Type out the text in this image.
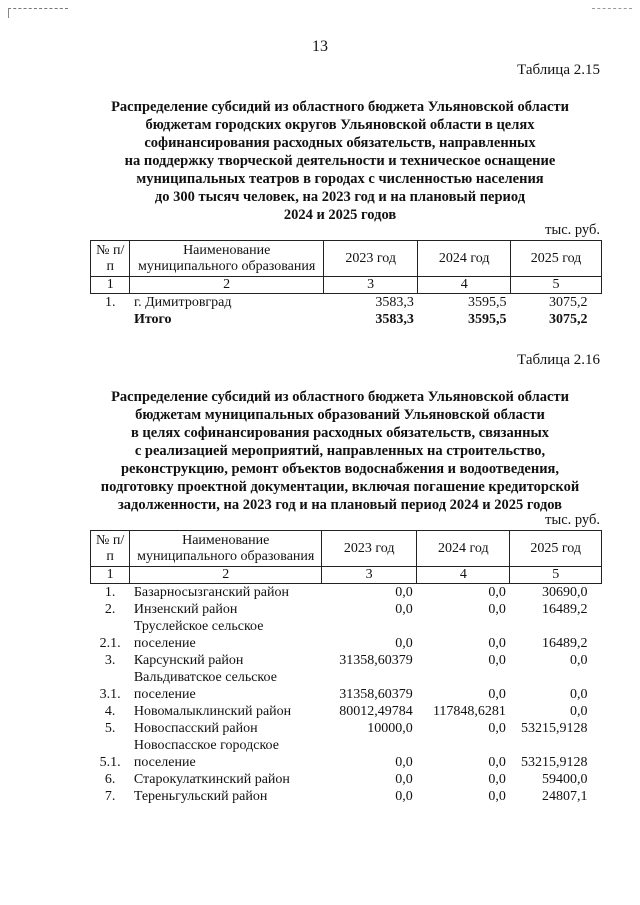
13
Таблица 2.15
Распределение субсидий из областного бюджета Ульяновской области
бюджетам городских округов Ульяновской области в целях
софинансирования расходных обязательств, направленных
на поддержку творческой деятельности и техническое оснащение
муниципальных театров в городах с численностью населения
до 300 тысяч человек, на 2023 год и на плановый период
2024 и 2025 годов
тыс. руб.
№ п/п	Наименование муниципального образования	2023 год	2024 год	2025 год
1	2	3	4	5
1.	г. Димитровград	3583,3	3595,5	3075,2
	Итого	3583,3	3595,5	3075,2
Таблица 2.16
Распределение субсидий из областного бюджета Ульяновской области
бюджетам муниципальных образований Ульяновской области
в целях софинансирования расходных обязательств, связанных
с реализацией мероприятий, направленных на строительство,
реконструкцию, ремонт объектов водоснабжения и водоотведения,
подготовку проектной документации, включая погашение кредиторской
задолженности, на 2023 год и на плановый период 2024 и 2025 годов
тыс. руб.
№ п/п	Наименование муниципального образования	2023 год	2024 год	2025 год
1	2	3	4	5
1.	Базарносызганский район	0,0	0,0	30690,0
2.	Инзенский район	0,0	0,0	16489,2
2.1.	Труслейское сельское
поселение	0,0	0,0	16489,2
3.	Карсунский район	31358,60379	0,0	0,0
3.1.	Вальдиватское сельское
поселение	31358,60379	0,0	0,0
4.	Новомалыклинский район	80012,49784	117848,6281	0,0
5.	Новоспасский район	10000,0	0,0	53215,9128
5.1.	Новоспасское городское
поселение	0,0	0,0	53215,9128
6.	Старокулаткинский район	0,0	0,0	59400,0
7.	Тереньгульский район	0,0	0,0	24807,1
